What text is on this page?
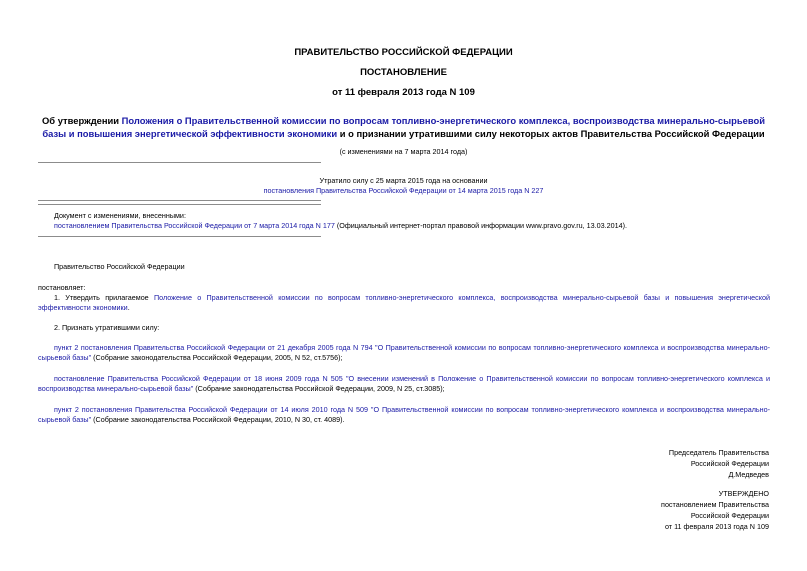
ПРАВИТЕЛЬСТВО РОССИЙСКОЙ ФЕДЕРАЦИИ
ПОСТАНОВЛЕНИЕ
от 11 февраля 2013 года N 109
Об утверждении Положения о Правительственной комиссии по вопросам топливно-энергетического комплекса, воспроизводства минерально-сырьевой базы и повышения энергетической эффективности экономики и о признании утратившими силу некоторых актов Правительства Российской Федерации
(с изменениями на 7 марта 2014 года)
Утратило силу с 25 марта 2015 года на основании
постановления Правительства Российской Федерации от 14 марта 2015 года N 227
Документ с изменениями, внесенными:
постановлением Правительства Российской Федерации от 7 марта 2014 года N 177 (Официальный интернет-портал правовой информации www.pravo.gov.ru, 13.03.2014).
Правительство Российской Федерации
постановляет:
1. Утвердить прилагаемое Положение о Правительственной комиссии по вопросам топливно-энергетического комплекса, воспроизводства минерально-сырьевой базы и повышения энергетической эффективности экономики.
2. Признать утратившими силу:
пункт 2 постановления Правительства Российской Федерации от 21 декабря 2005 года N 794 "О Правительственной комиссии по вопросам топливно-энергетического комплекса и воспроизводства минерально-сырьевой базы" (Собрание законодательства Российской Федерации, 2005, N 52, ст.5756);
постановление Правительства Российской Федерации от 18 июня 2009 года N 505 "О внесении изменений в Положение о Правительственной комиссии по вопросам топливно-энергетического комплекса и воспроизводства минерально-сырьевой базы" (Собрание законодательства Российской Федерации, 2009, N 25, ст.3085);
пункт 2 постановления Правительства Российской Федерации от 14 июля 2010 года N 509 "О Правительственной комиссии по вопросам топливно-энергетического комплекса и воспроизводства минерально-сырьевой базы" (Собрание законодательства Российской Федерации, 2010, N 30, ст. 4089).
Председатель Правительства
Российской Федерации
Д.Медведев
УТВЕРЖДЕНО
постановлением Правительства
Российской Федерации
от 11 февраля 2013 года N 109
